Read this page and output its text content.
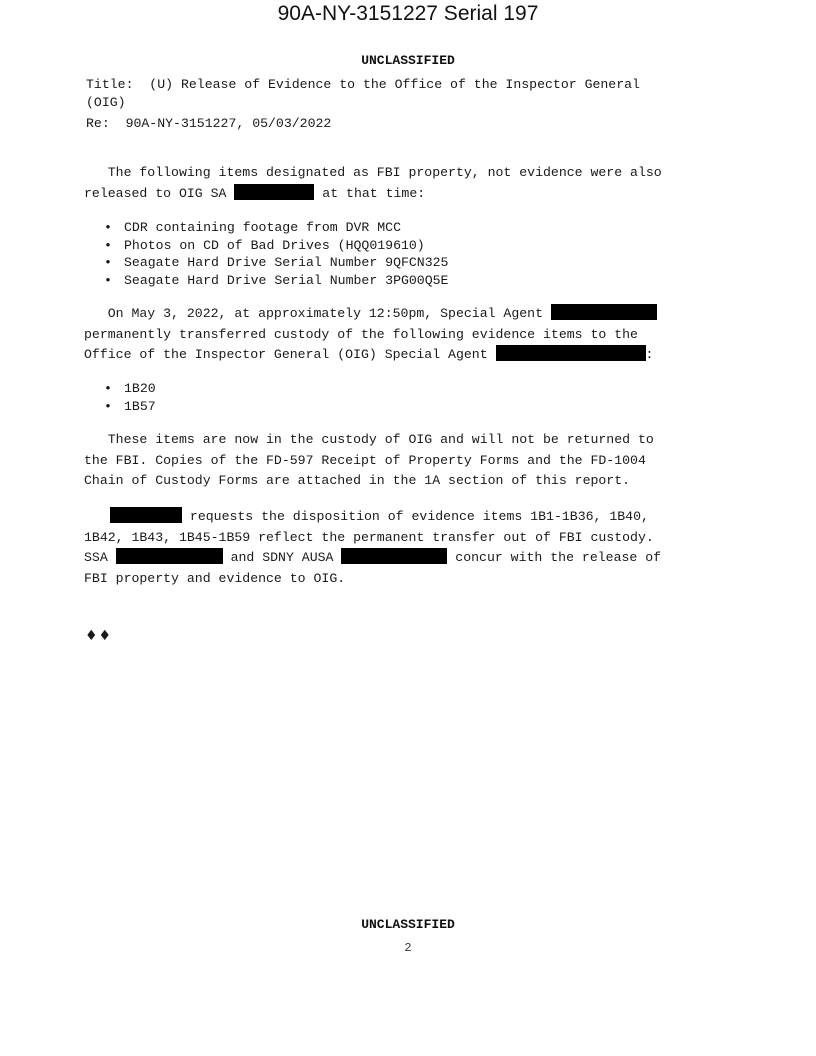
90A-NY-3151227 Serial 197
UNCLASSIFIED
Title:  (U) Release of Evidence to the Office of the Inspector General
(OIG)
Re:  90A-NY-3151227, 05/03/2022
The following items designated as FBI property, not evidence were also
released to OIG SA	at that time:
• CDR containing footage from DVR MCC
• Photos on CD of Bad Drives (HQQ019610)
• Seagate Hard Drive Serial Number 9QFCN325
• Seagate Hard Drive Serial Number 3PG00Q5E
On May 3, 2022, at approximately 12:50pm, Special Agent
permanently transferred custody of the following evidence items to the
Office of the Inspector General (OIG) Special Agent	:
• 1B20
• 1B57
These items are now in the custody of OIG and will not be returned to
the FBI. Copies of the FD-597 Receipt of Property Forms and the FD-1004
Chain of Custody Forms are attached in the 1A section of this report.
requests the disposition of evidence items 1B1-1B36, 1B40,
1B42, 1B43, 1B45-1B59 reflect the permanent transfer out of FBI custody.
SSA	and SDNY AUSA	concur with the release of
FBI property and evidence to OIG.
♦♦
UNCLASSIFIED
2
